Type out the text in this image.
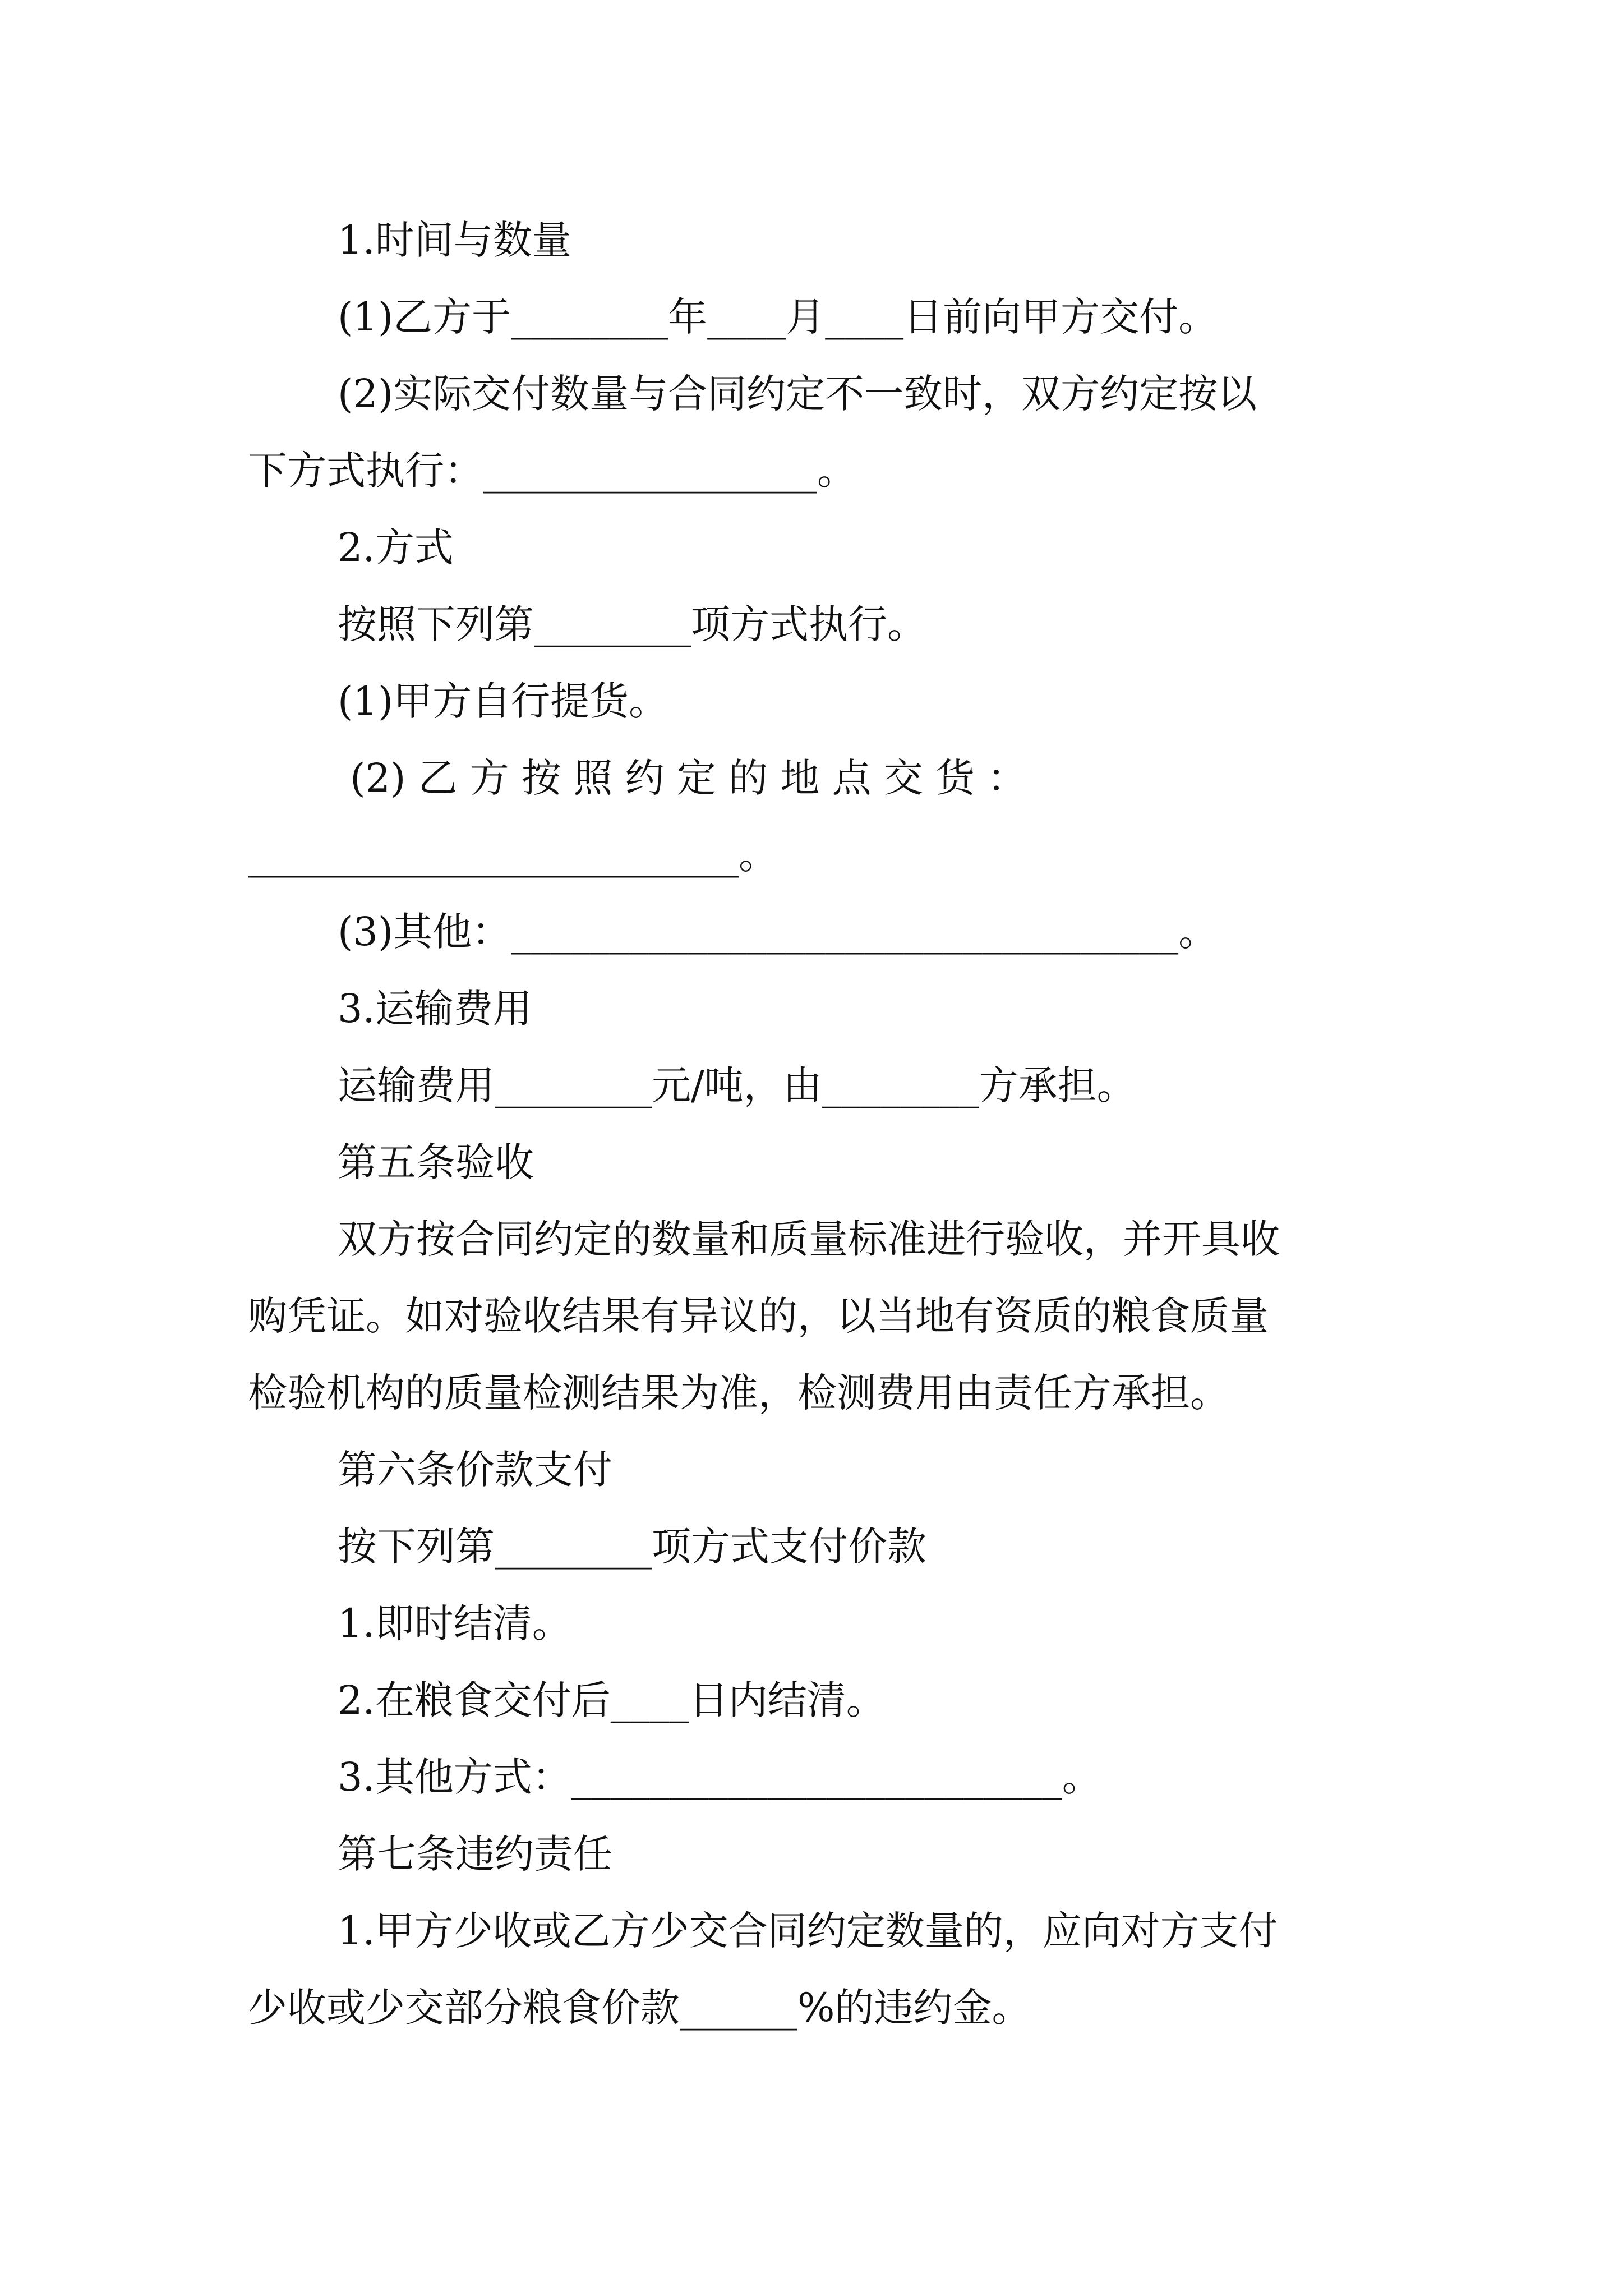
1.时间与数量

(1)乙方于________年____月____日前向甲方交付。

(2)实际交付数量与合同约定不一致时，双方约定按以

下方式执行：_________________。

2.方式

按照下列第________项方式执行。

(1)甲方自行提货。

(2) 乙 方 按 照 约 定 的 地 点 交 货 ：

_________________________。

(3)其他：__________________________________。

3.运输费用

运输费用________元/吨，由________方承担。

第五条验收

双方按合同约定的数量和质量标准进行验收，并开具收

购凭证。如对验收结果有异议的，以当地有资质的粮食质量

检验机构的质量检测结果为准，检测费用由责任方承担。

第六条价款支付

按下列第________项方式支付价款

1.即时结清。

2.在粮食交付后____日内结清。

3.其他方式：_________________________。

第七条违约责任

1.甲方少收或乙方少交合同约定数量的，应向对方支付

少收或少交部分粮食价款______%的违约金。
